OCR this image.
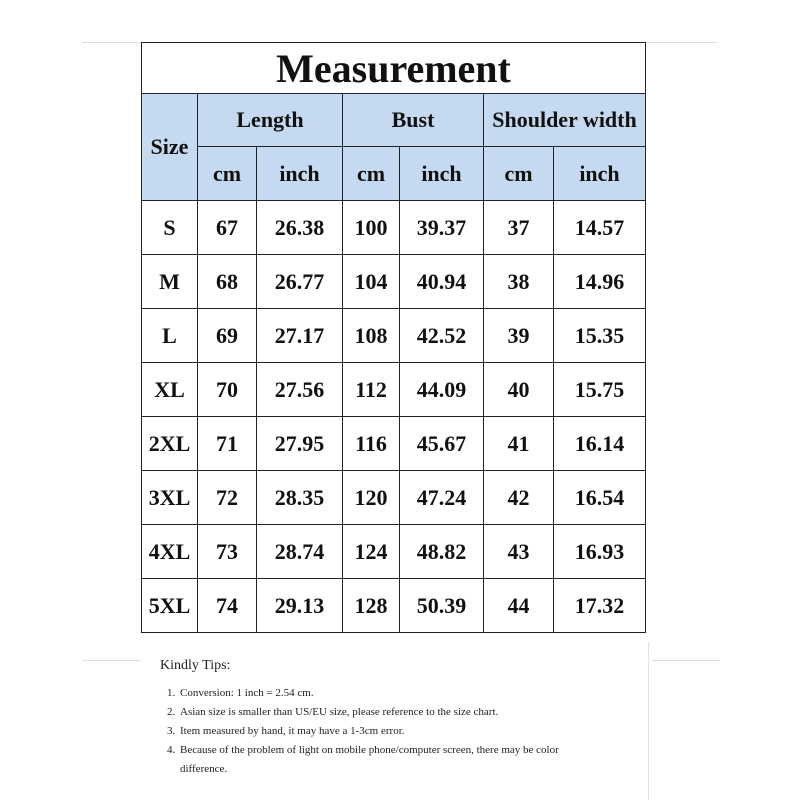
Measurement						
Size	Length		Bust		Shoulder width	
	cm	inch	cm	inch	cm	inch
S	67	26.38	100	39.37	37	14.57
M	68	26.77	104	40.94	38	14.96
L	69	27.17	108	42.52	39	15.35
XL	70	27.56	112	44.09	40	15.75
2XL	71	27.95	116	45.67	41	16.14
3XL	72	28.35	120	47.24	42	16.54
4XL	73	28.74	124	48.82	43	16.93
5XL	74	29.13	128	50.39	44	17.32
Kindly Tips:
1. Conversion: 1 inch = 2.54 cm.
2. Asian size is smaller than US/EU size, please reference to the size chart.
3. Item measured by hand, it may have a 1-3cm error.
4. Because of the problem of light on mobile phone/computer screen, there may be color difference.
